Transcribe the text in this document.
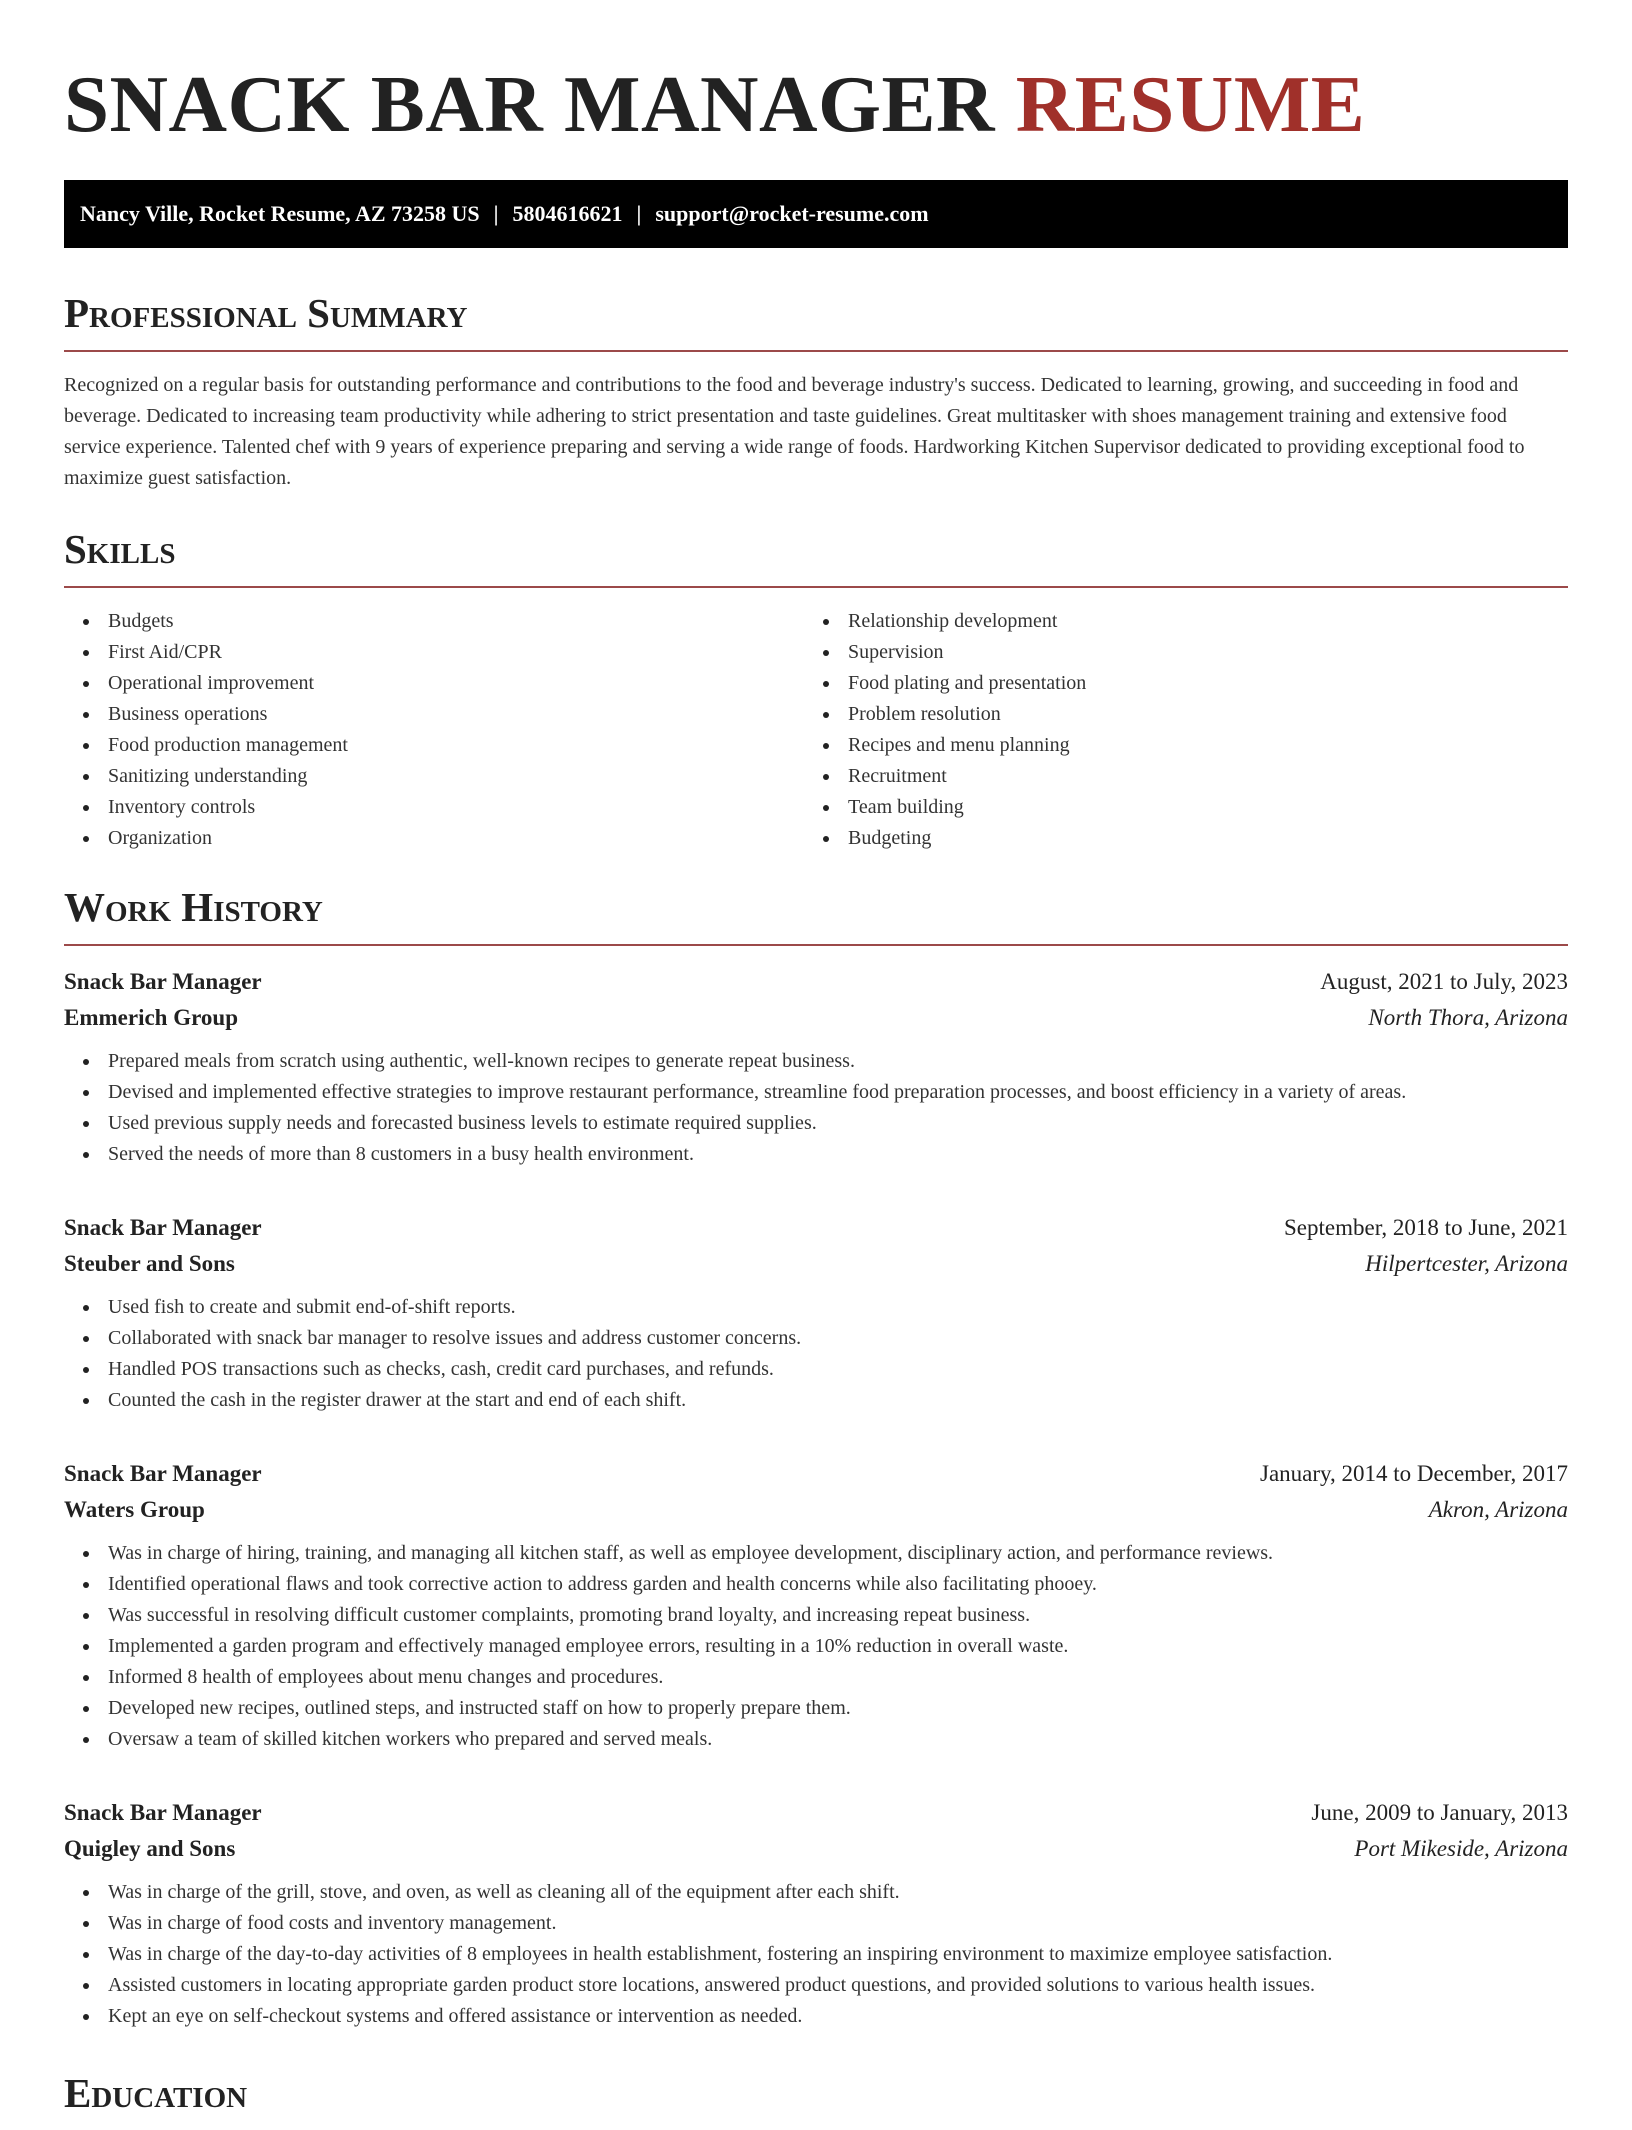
SNACK BAR MANAGER RESUME
Nancy Ville, Rocket Resume, AZ 73258 US | 5804616621 | support@rocket-resume.com
Professional Summary

Recognized on a regular basis for outstanding performance and contributions to the food and beverage industry's success. Dedicated to learning, growing, and succeeding in food and beverage. Dedicated to increasing team productivity while adhering to strict presentation and taste guidelines. Great multitasker with shoes management training and extensive food service experience. Talented chef with 9 years of experience preparing and serving a wide range of foods. Hardworking Kitchen Supervisor dedicated to providing exceptional food to maximize guest satisfaction.

Skills
Budgets
First Aid/CPR
Operational improvement
Business operations
Food production management
Sanitizing understanding
Inventory controls
Organization
Relationship development
Supervision
Food plating and presentation
Problem resolution
Recipes and menu planning
Recruitment
Team building
Budgeting
Work History
Snack Bar Manager	August, 2021 to July, 2023
Emmerich Group	North Thora, Arizona
Prepared meals from scratch using authentic, well-known recipes to generate repeat business.
Devised and implemented effective strategies to improve restaurant performance, streamline food preparation processes, and boost efficiency in a variety of areas.
Used previous supply needs and forecasted business levels to estimate required supplies.
Served the needs of more than 8 customers in a busy health environment.
Snack Bar Manager	September, 2018 to June, 2021
Steuber and Sons	Hilpertcester, Arizona
Used fish to create and submit end-of-shift reports.
Collaborated with snack bar manager to resolve issues and address customer concerns.
Handled POS transactions such as checks, cash, credit card purchases, and refunds.
Counted the cash in the register drawer at the start and end of each shift.
Snack Bar Manager	January, 2014 to December, 2017
Waters Group	Akron, Arizona
Was in charge of hiring, training, and managing all kitchen staff, as well as employee development, disciplinary action, and performance reviews.
Identified operational flaws and took corrective action to address garden and health concerns while also facilitating phooey.
Was successful in resolving difficult customer complaints, promoting brand loyalty, and increasing repeat business.
Implemented a garden program and effectively managed employee errors, resulting in a 10% reduction in overall waste.
Informed 8 health of employees about menu changes and procedures.
Developed new recipes, outlined steps, and instructed staff on how to properly prepare them.
Oversaw a team of skilled kitchen workers who prepared and served meals.
Snack Bar Manager	June, 2009 to January, 2013
Quigley and Sons	Port Mikeside, Arizona
Was in charge of the grill, stove, and oven, as well as cleaning all of the equipment after each shift.
Was in charge of food costs and inventory management.
Was in charge of the day-to-day activities of 8 employees in health establishment, fostering an inspiring environment to maximize employee satisfaction.
Assisted customers in locating appropriate garden product store locations, answered product questions, and provided solutions to various health issues.
Kept an eye on self-checkout systems and offered assistance or intervention as needed.
Education
